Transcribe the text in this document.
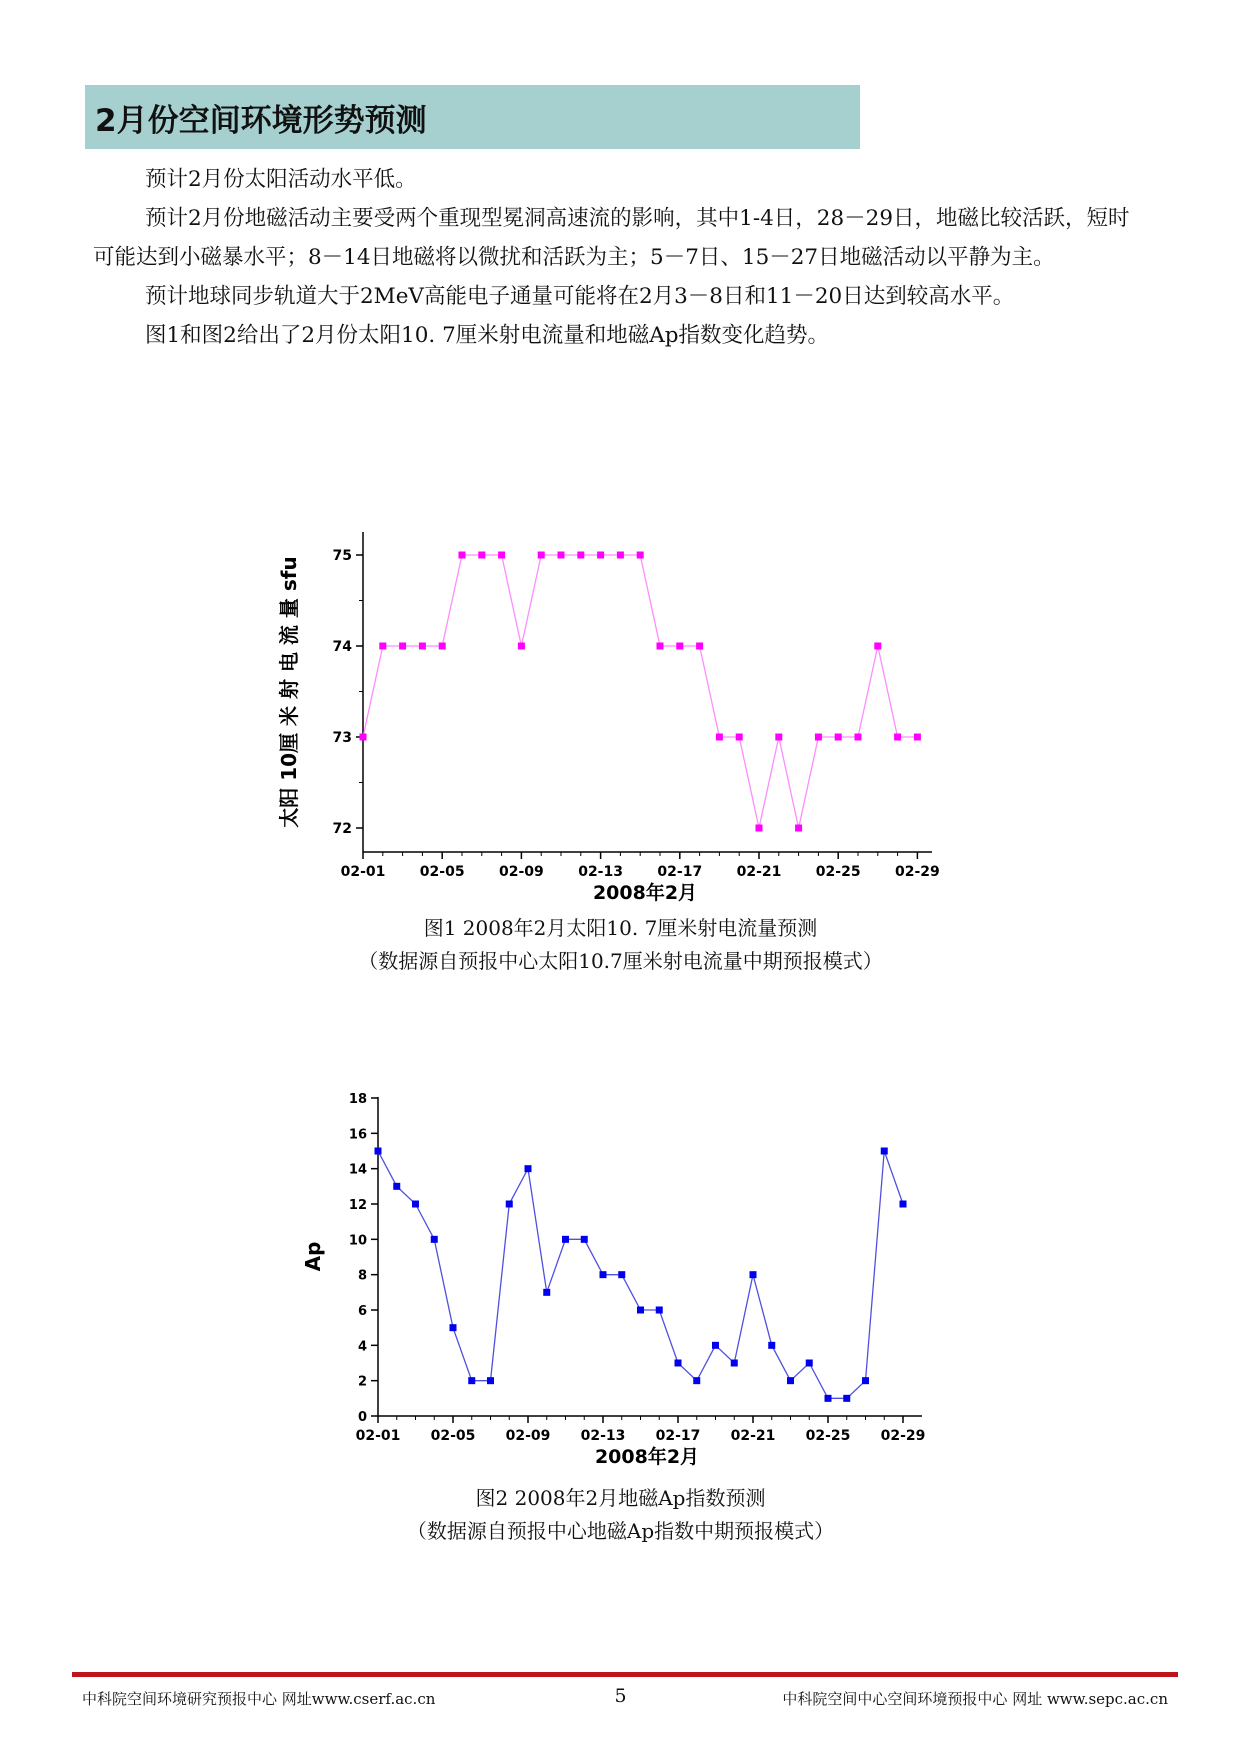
2月份空间环境形势预测

预计2月份太阳活动水平低。

预计2月份地磁活动主要受两个重现型冕洞高速流的影响，其中1-4日，28－29日，地磁比较活跃，短时可能达到小磁暴水平；8－14日地磁将以微扰和活跃为主；5－7日、15－27日地磁活动以平静为主。

预计地球同步轨道大于2MeV高能电子通量可能将在2月3－8日和11－20日达到较高水平。

图1和图2给出了2月份太阳10. 7厘米射电流量和地磁Ap指数变化趋势。

72
73
74
75
02-01 02-05 02-09 02-13 02-17 02-21 02-25 02-29
2008年2月
太阳 10厘 米 射 电 流 量 sfu
图1 2008年2月太阳10. 7厘米射电流量预测
（数据源自预报中心太阳10.7厘米射电流量中期预报模式）
0
2
4
6
8
10
12
14
16
18
02-01 02-05 02-09 02-13 02-17 02-21 02-25 02-29
2008年2月
Ap
图2 2008年2月地磁Ap指数预测
（数据源自预报中心地磁Ap指数中期预报模式）
中科院空间环境研究预报中心 网址www.cserf.ac.cn	5	中科院空间中心空间环境预报中心 网址 www.sepc.ac.cn
